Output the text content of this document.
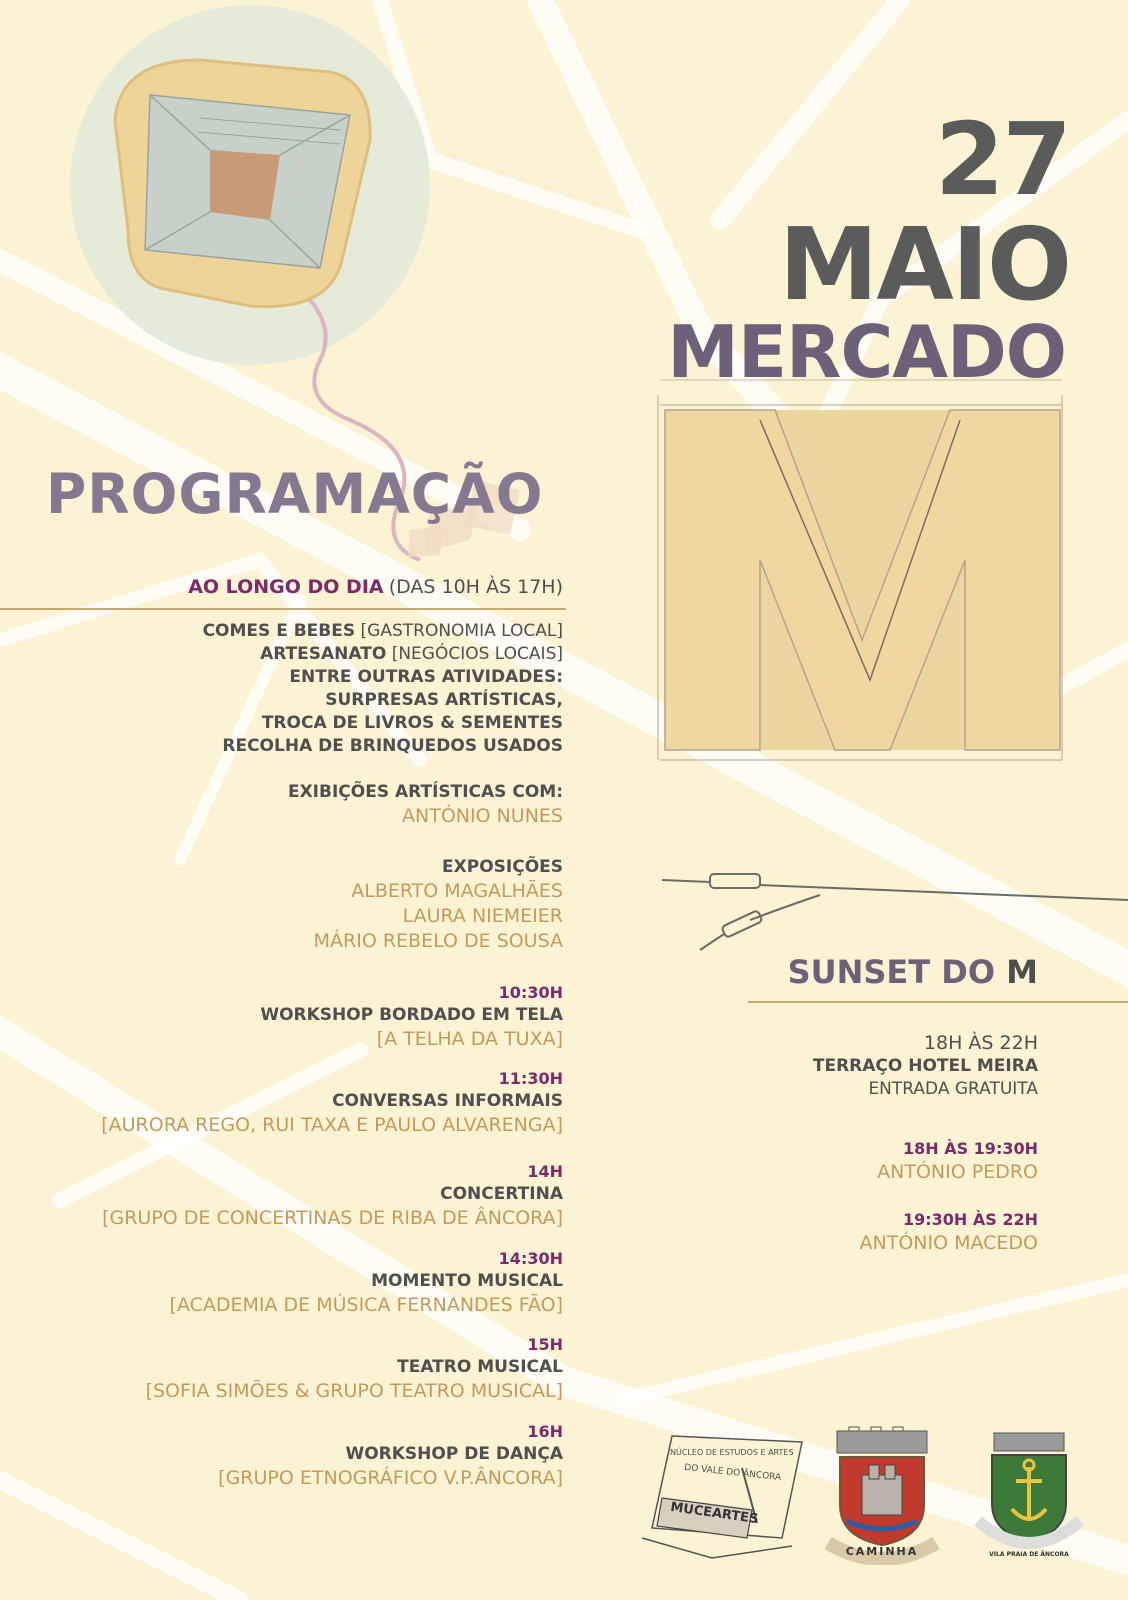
27
MAIO
MERCADO
PROGRAMAÇÃO
AO LONGO DO DIA (DAS 10H ÀS 17H)
COMES E BEBES [GASTRONOMIA LOCAL]
ARTESANATO [NEGÓCIOS LOCAIS]
ENTRE OUTRAS ATIVIDADES:
SURPRESAS ARTÍSTICAS,
TROCA DE LIVROS & SEMENTES
RECOLHA DE BRINQUEDOS USADOS
EXIBIÇÕES ARTÍSTICAS COM:
ANTÓNIO NUNES
EXPOSIÇÕES
ALBERTO MAGALHÃES
LAURA NIEMEIER
MÁRIO REBELO DE SOUSA
10:30H
WORKSHOP BORDADO EM TELA
[A TELHA DA TUXA]
11:30H
CONVERSAS INFORMAIS
[AURORA REGO, RUI TAXA E PAULO ALVARENGA]
14H
CONCERTINA
[GRUPO DE CONCERTINAS DE RIBA DE ÂNCORA]
14:30H
MOMENTO MUSICAL
[ACADEMIA DE MÚSICA FERNANDES FÃO]
15H
TEATRO MUSICAL
[SOFIA SIMÕES & GRUPO TEATRO MUSICAL]
16H
WORKSHOP DE DANÇA
[GRUPO ETNOGRÁFICO V.P.ÂNCORA]
SUNSET DO M
18H ÀS 22H
TERRAÇO HOTEL MEIRA
ENTRADA GRATUITA
18H ÀS 19:30H
ANTÓNIO PEDRO
19:30H ÀS 22H
ANTÓNIO MACEDO
NÚCLEO DE ESTUDOS E ARTES
DO VALE DO ÂNCORA
MUCEARTES
CAMINHA	VILA PRAIA DE ÂNCORA
